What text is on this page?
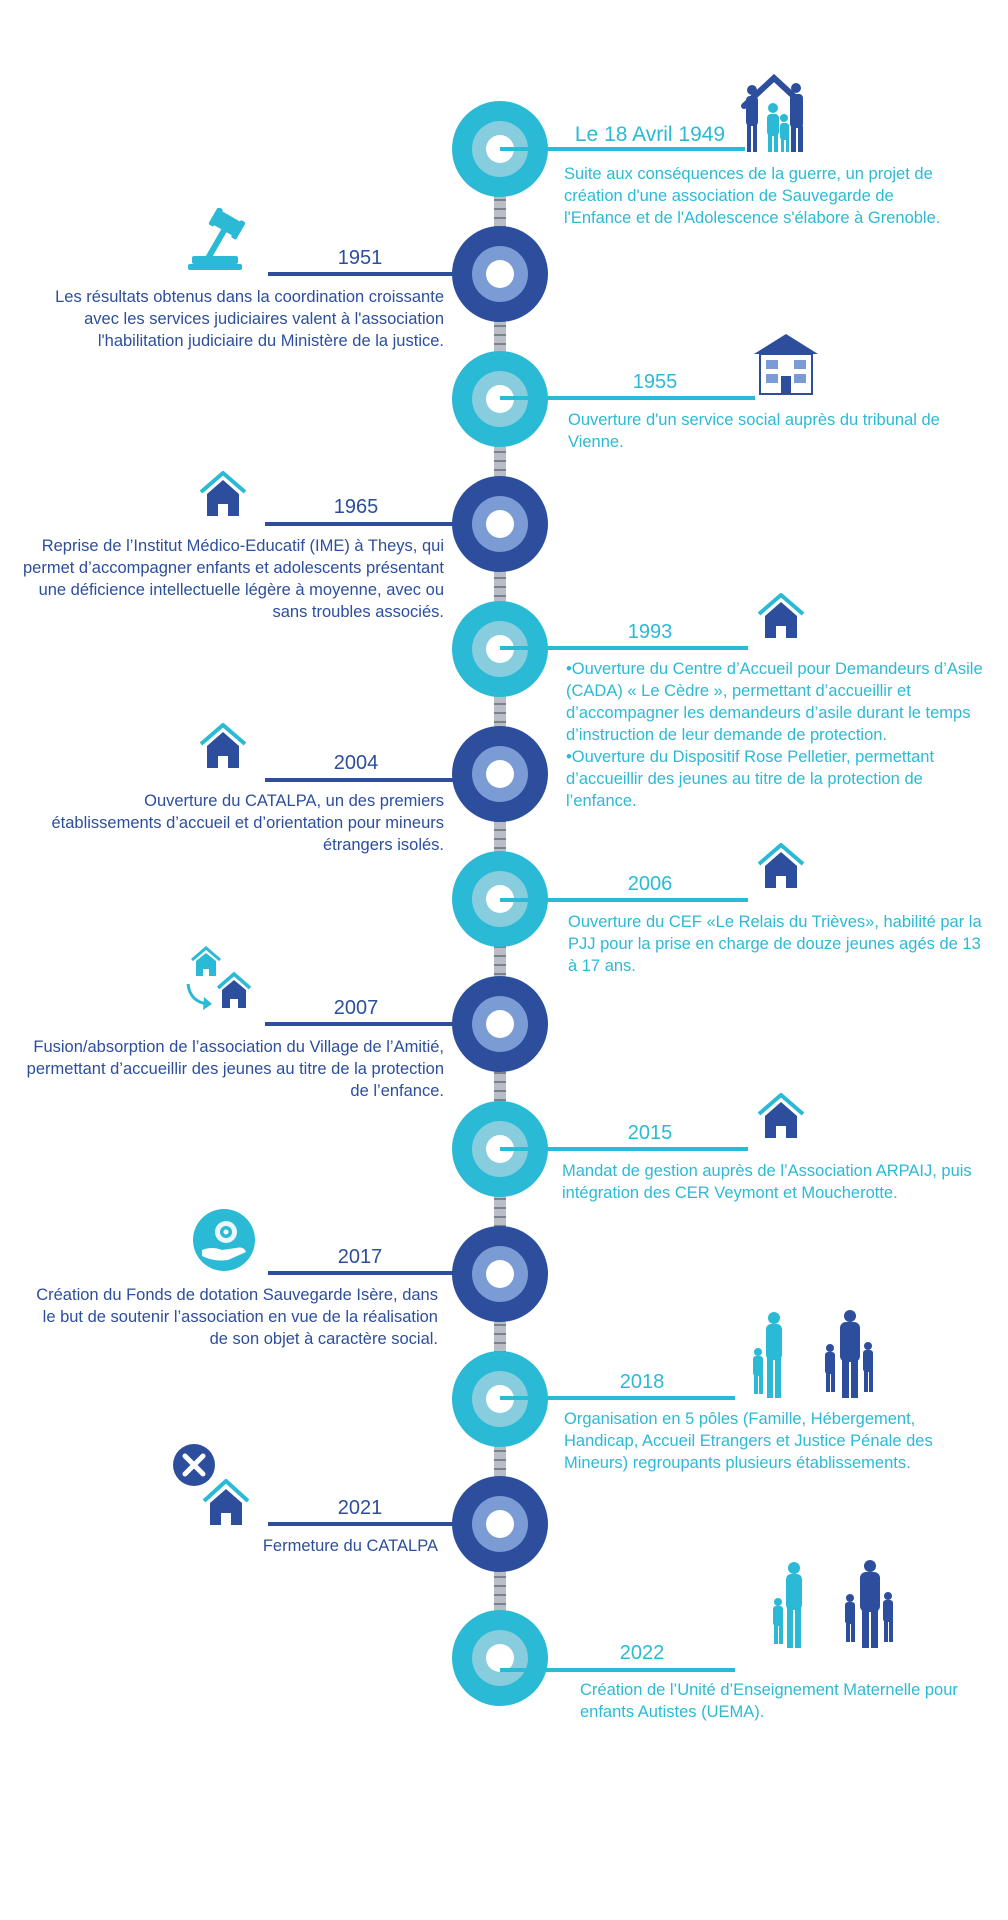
Le 18 Avril 1949

Suite aux conséquences de la guerre, un projet de création d'une association de Sauvegarde de l'Enfance et de l'Adolescence s'élabore à Grenoble.

1951

Les résultats obtenus dans la coordination croissante avec les services judiciaires valent à l'association l'habilitation judiciaire du Ministère de la justice.

1955

Ouverture d'un service social auprès du tribunal de Vienne.

1965

Reprise de l’Institut Médico-Educatif (IME) à Theys, qui permet d’accompagner enfants et adolescents présentant une déficience intellectuelle légère à moyenne, avec ou sans troubles associés.

1993
•Ouverture du Centre d’Accueil pour Demandeurs d’Asile (CADA) « Le Cèdre », permettant d’accueillir et d’accompagner les demandeurs d’asile durant le temps d’instruction de leur demande de protection.
•Ouverture du Dispositif Rose Pelletier, permettant d’accueillir des jeunes au titre de la protection de l’enfance.
2004

Ouverture du CATALPA, un des premiers établissements d’accueil et d’orientation pour mineurs étrangers isolés.

2006

Ouverture du CEF «Le Relais du Trièves», habilité par la PJJ pour la prise en charge de douze jeunes agés de 13 à 17 ans.

2007

Fusion/absorption de l’association du Village de l’Amitié, permettant d’accueillir des jeunes au titre de la protection de l’enfance.

2015

Mandat de gestion auprès de l’Association ARPAIJ, puis intégration des CER Veymont et Moucherotte.

2017

Création du Fonds de dotation Sauvegarde Isère, dans le but de soutenir l’association en vue de la réalisation de son objet à caractère social.

2018

Organisation en 5 pôles (Famille, Hébergement, Handicap, Accueil Etrangers et Justice Pénale des Mineurs) regroupants plusieurs établissements.

2021

Fermeture du CATALPA

2022

Création de l’Unité d’Enseignement Maternelle pour enfants Autistes (UEMA).
